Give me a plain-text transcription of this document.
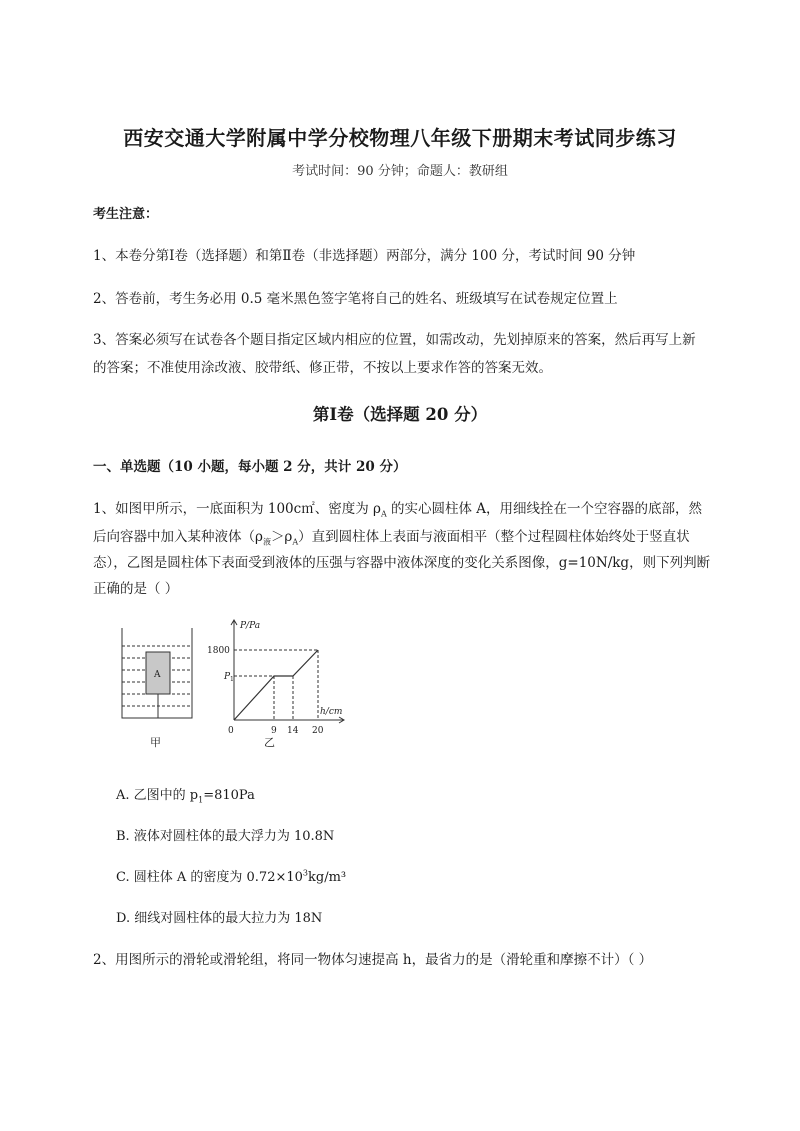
西安交通大学附属中学分校物理八年级下册期末考试同步练习
考试时间：90 分钟；命题人：教研组
考生注意：
1、本卷分第Ⅰ卷（选择题）和第Ⅱ卷（非选择题）两部分，满分 100 分，考试时间 90 分钟
2、答卷前，考生务必用 0.5 毫米黑色签字笔将自己的姓名、班级填写在试卷规定位置上
3、答案必须写在试卷各个题目指定区域内相应的位置，如需改动，先划掉原来的答案，然后再写上新
的答案；不准使用涂改液、胶带纸、修正带，不按以上要求作答的答案无效。
第Ⅰ卷（选择题 20 分）
一、单选题（10 小题，每小题 2 分，共计 20 分）
1、如图甲所示，一底面积为 100c㎡、密度为 $\rho_A$ 的实心圆柱体 A，用细线拴在一个空容器的底部，然
后向容器中加入某种液体$(\rho_液>\rho_A)$直到圆柱体上表面与液面相平（整个过程圆柱体始终处于竖直状
态），乙图是圆柱体下表面受到液体的压强与容器中液体深度的变化关系图像，g=10N/kg，则下列判断
正确的是（ ）
A
甲
P/Pa
1800
P 1
h/cm
0	9 14 20
乙
A. 乙图中的 $p_1=810Pa$
B. 液体对圆柱体的最大浮力为 10.8N
C. 圆柱体 A 的密度为 $0.72\times 10^3kg/m^3$
D. 细线对圆柱体的最大拉力为 18N
2、用图所示的滑轮或滑轮组，将同一物体匀速提高 h，最省力的是（滑轮重和摩擦不计）（ ）
